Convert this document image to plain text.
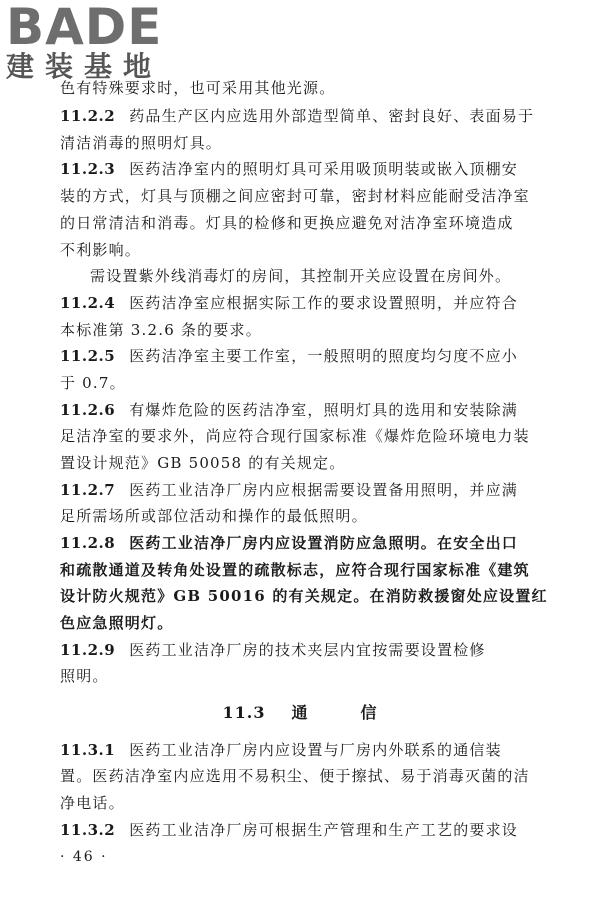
色有特殊要求时，也可采用其他光源。
11.2.2 药品生产区内应选用外部造型简单、密封良好、表面易于
清洁消毒的照明灯具。
11.2.3 医药洁净室内的照明灯具可采用吸顶明装或嵌入顶棚安
装的方式，灯具与顶棚之间应密封可靠，密封材料应能耐受洁净室
的日常清洁和消毒。灯具的检修和更换应避免对洁净室环境造成
不利影响。
需设置紫外线消毒灯的房间，其控制开关应设置在房间外。
11.2.4 医药洁净室应根据实际工作的要求设置照明，并应符合
本标准第 3.2.6 条的要求。
11.2.5 医药洁净室主要工作室，一般照明的照度均匀度不应小
于 0.7。
11.2.6 有爆炸危险的医药洁净室，照明灯具的选用和安装除满
足洁净室的要求外，尚应符合现行国家标准《爆炸危险环境电力装
置设计规范》GB 50058 的有关规定。
11.2.7 医药工业洁净厂房内应根据需要设置备用照明，并应满
足所需场所或部位活动和操作的最低照明。
11.2.8 医药工业洁净厂房内应设置消防应急照明。在安全出口
和疏散通道及转角处设置的疏散标志，应符合现行国家标准《建筑
设计防火规范》GB 50016 的有关规定。在消防救援窗处应设置红
色应急照明灯。
11.2.9 医药工业洁净厂房的技术夹层内宜按需要设置检修
照明。
11.3 通	信
11.3.1 医药工业洁净厂房内应设置与厂房内外联系的通信装
置。医药洁净室内应选用不易积尘、便于擦拭、易于消毒灭菌的洁
净电话。
11.3.2 医药工业洁净厂房可根据生产管理和生产工艺的要求设
· 46 ·
BADE
建装基地
